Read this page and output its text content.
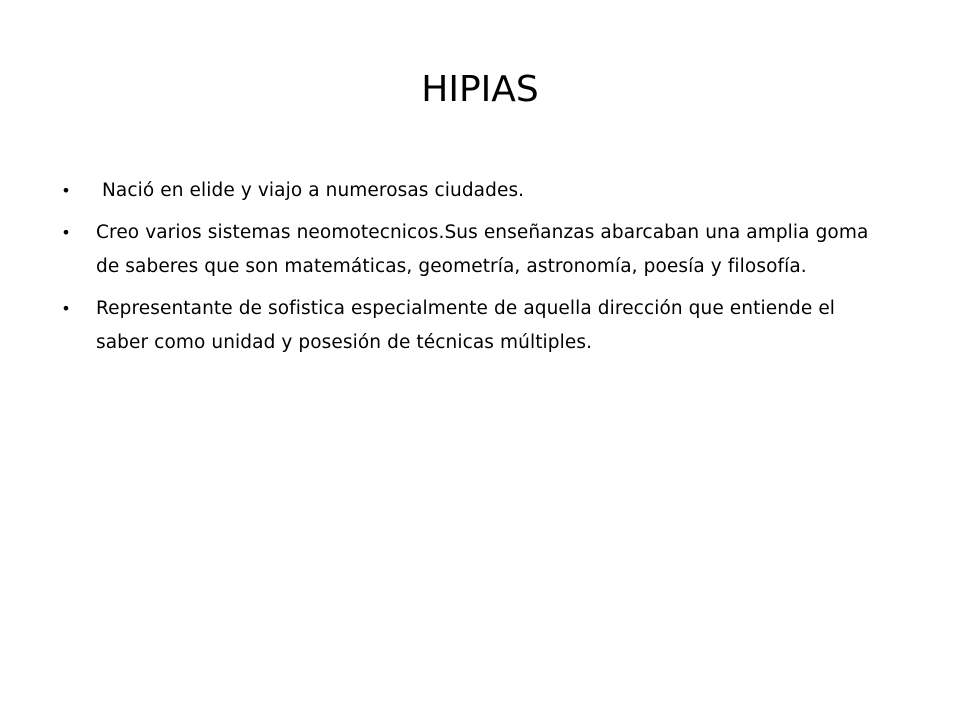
HIPIAS
• Nació en elide y viajo a numerosas ciudades.
• Creo varios sistemas neomotecnicos.Sus enseñanzas abarcaban una amplia goma de saberes que son matemáticas, geometría, astronomía, poesía y filosofía.
• Representante de sofistica especialmente de aquella dirección que entiende el saber como unidad y posesión de técnicas múltiples.
